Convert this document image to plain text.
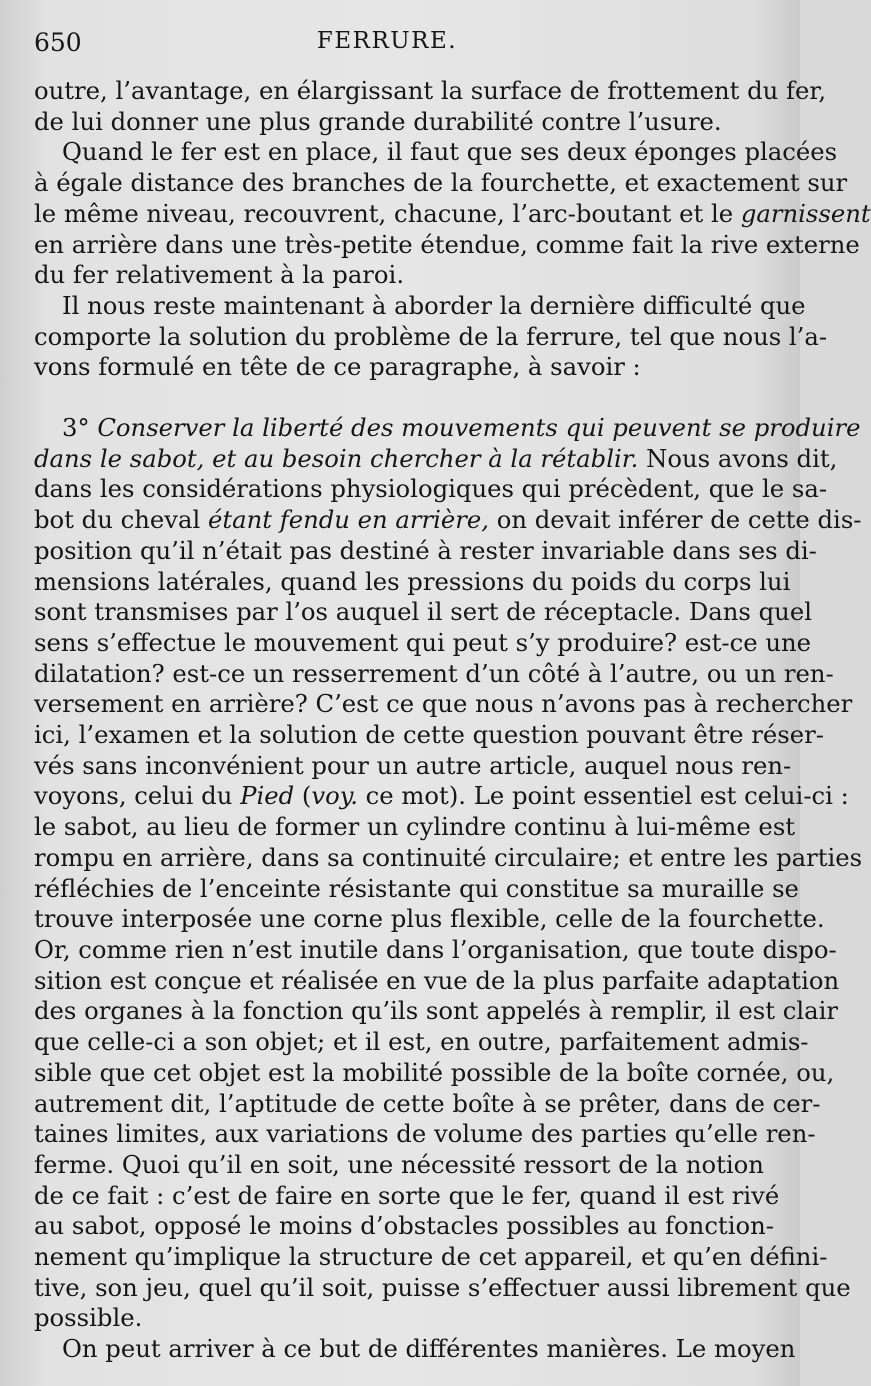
650	FERRURE.
outre, l’avantage, en élargissant la surface de frottement du fer,
de lui donner une plus grande durabilité contre l’usure.
Quand le fer est en place, il faut que ses deux éponges placées
à égale distance des branches de la fourchette, et exactement sur
le même niveau, recouvrent, chacune, l’arc-boutant et le garnissent
en arrière dans une très-petite étendue, comme fait la rive externe
du fer relativement à la paroi.
Il nous reste maintenant à aborder la dernière difficulté que
comporte la solution du problème de la ferrure, tel que nous l’a-
vons formulé en tête de ce paragraphe, à savoir :
3° Conserver la liberté des mouvements qui peuvent se produire
dans le sabot, et au besoin chercher à la rétablir. Nous avons dit,
dans les considérations physiologiques qui précèdent, que le sa-
bot du cheval étant fendu en arrière, on devait inférer de cette dis-
position qu’il n’était pas destiné à rester invariable dans ses di-
mensions latérales, quand les pressions du poids du corps lui
sont transmises par l’os auquel il sert de réceptacle. Dans quel
sens s’effectue le mouvement qui peut s’y produire? est-ce une
dilatation? est-ce un resserrement d’un côté à l’autre, ou un ren-
versement en arrière? C’est ce que nous n’avons pas à rechercher
ici, l’examen et la solution de cette question pouvant être réser-
vés sans inconvénient pour un autre article, auquel nous ren-
voyons, celui du Pied (voy. ce mot). Le point essentiel est celui-ci :
le sabot, au lieu de former un cylindre continu à lui-même est
rompu en arrière, dans sa continuité circulaire; et entre les parties
réfléchies de l’enceinte résistante qui constitue sa muraille se
trouve interposée une corne plus flexible, celle de la fourchette.
Or, comme rien n’est inutile dans l’organisation, que toute dispo-
sition est conçue et réalisée en vue de la plus parfaite adaptation
des organes à la fonction qu’ils sont appelés à remplir, il est clair
que celle-ci a son objet; et il est, en outre, parfaitement admis-
sible que cet objet est la mobilité possible de la boîte cornée, ou,
autrement dit, l’aptitude de cette boîte à se prêter, dans de cer-
taines limites, aux variations de volume des parties qu’elle ren-
ferme. Quoi qu’il en soit, une nécessité ressort de la notion
de ce fait : c’est de faire en sorte que le fer, quand il est rivé
au sabot, opposé le moins d’obstacles possibles au fonction-
nement qu’implique la structure de cet appareil, et qu’en défini-
tive, son jeu, quel qu’il soit, puisse s’effectuer aussi librement que
possible.
On peut arriver à ce but de différentes manières. Le moyen
